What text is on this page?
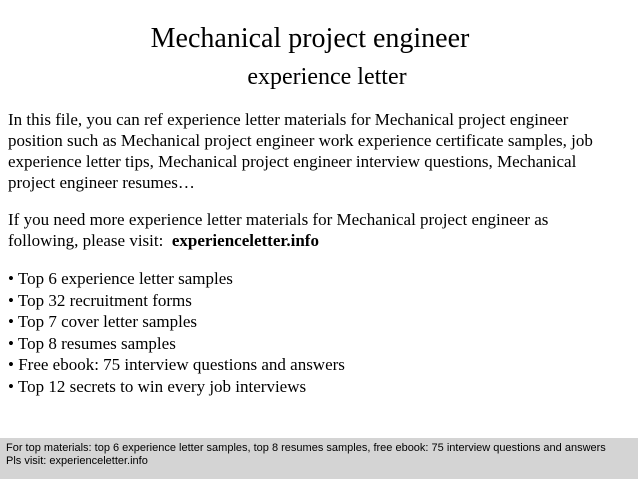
Mechanical project engineer
experience letter
In this file, you can ref experience letter materials for Mechanical project engineer
position such as Mechanical project engineer work experience certificate samples, job
experience letter tips, Mechanical project engineer interview questions, Mechanical
project engineer resumes…
If you need more experience letter materials for Mechanical project engineer as
following, please visit: experienceletter.info
• Top 6 experience letter samples
• Top 32 recruitment forms
• Top 7 cover letter samples
• Top 8 resumes samples
• Free ebook: 75 interview questions and answers
• Top 12 secrets to win every job interviews
For top materials: top 6 experience letter samples, top 8 resumes samples, free ebook: 75 interview questions and answers
Pls visit: experienceletter.info
